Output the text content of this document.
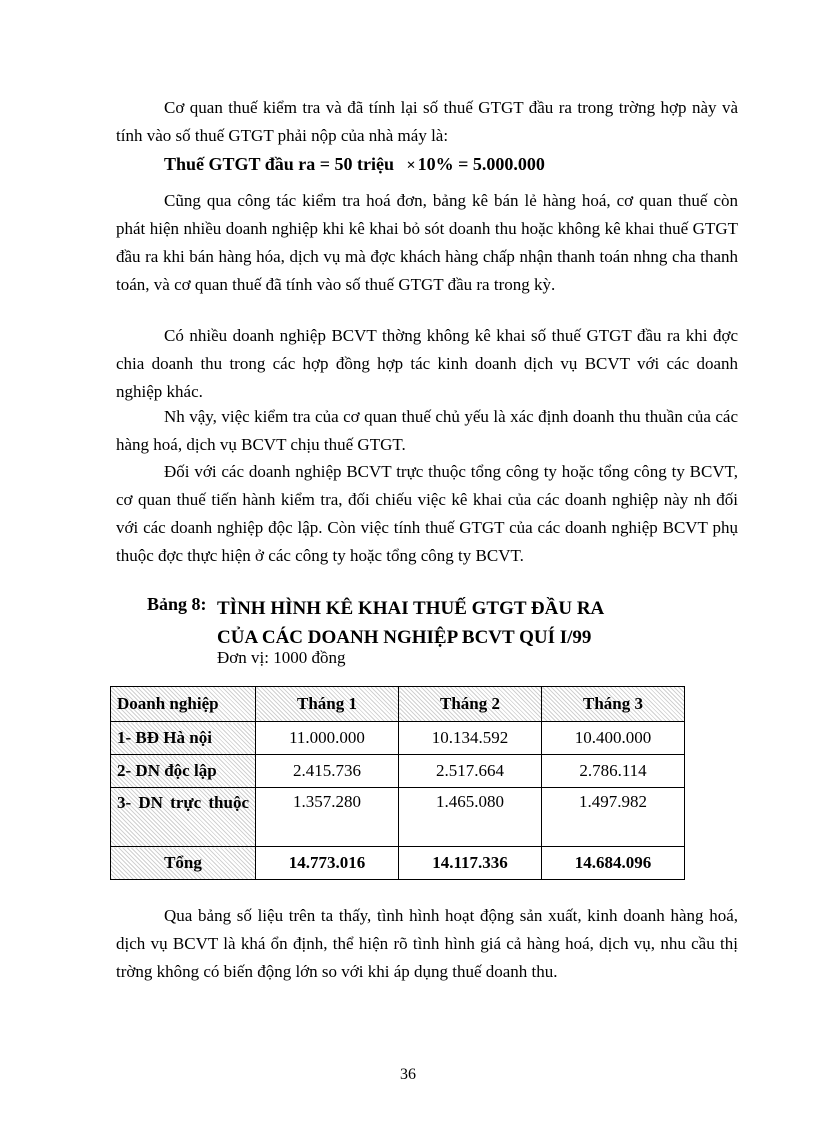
Cơ quan thuế kiểm tra và đã tính lại số thuế GTGT đầu ra trong trờng hợp này và tính vào số thuế GTGT phải nộp của nhà máy là:

Thuế GTGT đầu ra = 50 triệu × 10% = 5.000.000

Cũng qua công tác kiểm tra hoá đơn, bảng kê bán lẻ hàng hoá, cơ quan thuế còn phát hiện nhiều doanh nghiệp khi kê khai bỏ sót doanh thu hoặc không kê khai thuế GTGT đầu ra khi bán hàng hóa, dịch vụ mà đợc khách hàng chấp nhận thanh toán nhng cha thanh toán, và cơ quan thuế đã tính vào số thuế GTGT đầu ra trong kỳ.

Có nhiều doanh nghiệp BCVT thờng không kê khai số thuế GTGT đầu ra khi đợc chia doanh thu trong các hợp đồng hợp tác kinh doanh dịch vụ BCVT với các doanh nghiệp khác.

Nh vậy, việc kiểm tra của cơ quan thuế chủ yếu là xác định doanh thu thuần của các hàng hoá, dịch vụ BCVT chịu thuế GTGT.

Đối với các doanh nghiệp BCVT trực thuộc tổng công ty hoặc tổng công ty BCVT, cơ quan thuế tiến hành kiểm tra, đối chiếu việc kê khai của các doanh nghiệp này nh đối với các doanh nghiệp độc lập. Còn việc tính thuế GTGT của các doanh nghiệp BCVT phụ thuộc đợc thực hiện ở các công ty hoặc tổng công ty BCVT.

Bảng 8: TÌNH HÌNH KÊ KHAI THUẾ GTGT ĐẦU RA
CỦA CÁC DOANH NGHIỆP BCVT QUÍ I/99
Đơn vị: 1000 đồng
Doanh nghiệp	Tháng 1	Tháng 2	Tháng 3
1- BĐ Hà nội	11.000.000	10.134.592	10.400.000
2- DN độc lập	2.415.736	2.517.664	2.786.114
3- DN trực thuộc	1.357.280	1.465.080	1.497.982
Tổng	14.773.016	14.117.336	14.684.096

Qua bảng số liệu trên ta thấy, tình hình hoạt động sản xuất, kinh doanh hàng hoá, dịch vụ BCVT là khá ổn định, thể hiện rõ tình hình giá cả hàng hoá, dịch vụ, nhu cầu thị trờng không có biến động lớn so với khi áp dụng thuế doanh thu.

36
